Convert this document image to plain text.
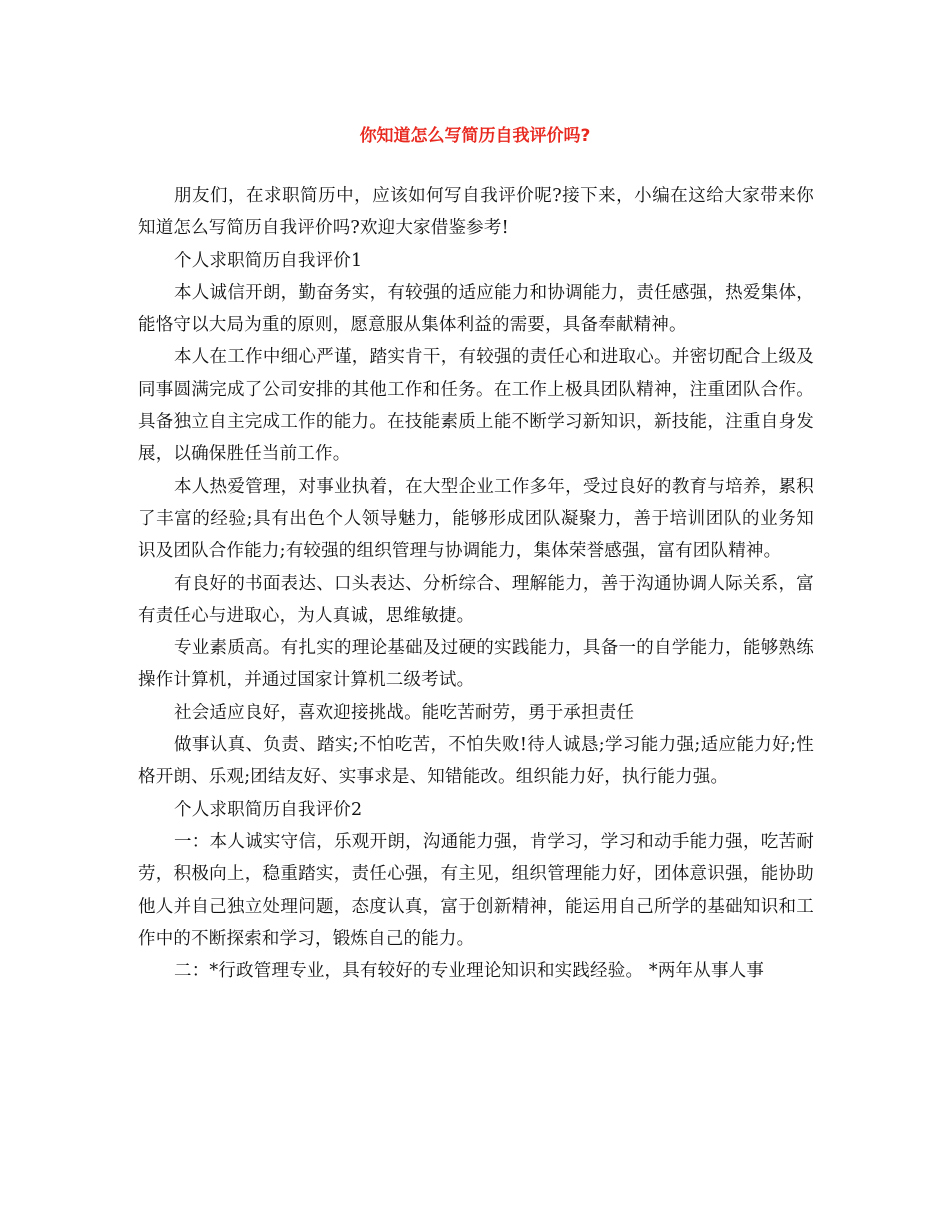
你知道怎么写简历自我评价吗?

朋友们，在求职简历中，应该如何写自我评价呢?接下来，小编在这给大家带来你知道怎么写简历自我评价吗?欢迎大家借鉴参考!

个人求职简历自我评价1

本人诚信开朗，勤奋务实，有较强的适应能力和协调能力，责任感强，热爱集体，能恪守以大局为重的原则，愿意服从集体利益的需要，具备奉献精神。

本人在工作中细心严谨，踏实肯干，有较强的责任心和进取心。并密切配合上级及同事圆满完成了公司安排的其他工作和任务。在工作上极具团队精神，注重团队合作。具备独立自主完成工作的能力。在技能素质上能不断学习新知识，新技能，注重自身发展，以确保胜任当前工作。

本人热爱管理，对事业执着，在大型企业工作多年，受过良好的教育与培养，累积了丰富的经验;具有出色个人领导魅力，能够形成团队凝聚力，善于培训团队的业务知识及团队合作能力;有较强的组织管理与协调能力，集体荣誉感强，富有团队精神。

有良好的书面表达、口头表达、分析综合、理解能力，善于沟通协调人际关系，富有责任心与进取心，为人真诚，思维敏捷。

专业素质高。有扎实的理论基础及过硬的实践能力，具备一的自学能力，能够熟练操作计算机，并通过国家计算机二级考试。

社会适应良好，喜欢迎接挑战。能吃苦耐劳，勇于承担责任

做事认真、负责、踏实;不怕吃苦，不怕失败!待人诚恳;学习能力强;适应能力好;性格开朗、乐观;团结友好、实事求是、知错能改。组织能力好，执行能力强。

个人求职简历自我评价2

一：本人诚实守信，乐观开朗，沟通能力强，肯学习，学习和动手能力强，吃苦耐劳，积极向上，稳重踏实，责任心强，有主见，组织管理能力好，团体意识强，能协助他人并自己独立处理问题，态度认真，富于创新精神，能运用自己所学的基础知识和工作中的不断探索和学习，锻炼自己的能力。

二：*行政管理专业，具有较好的专业理论知识和实践经验。 *两年从事人事
